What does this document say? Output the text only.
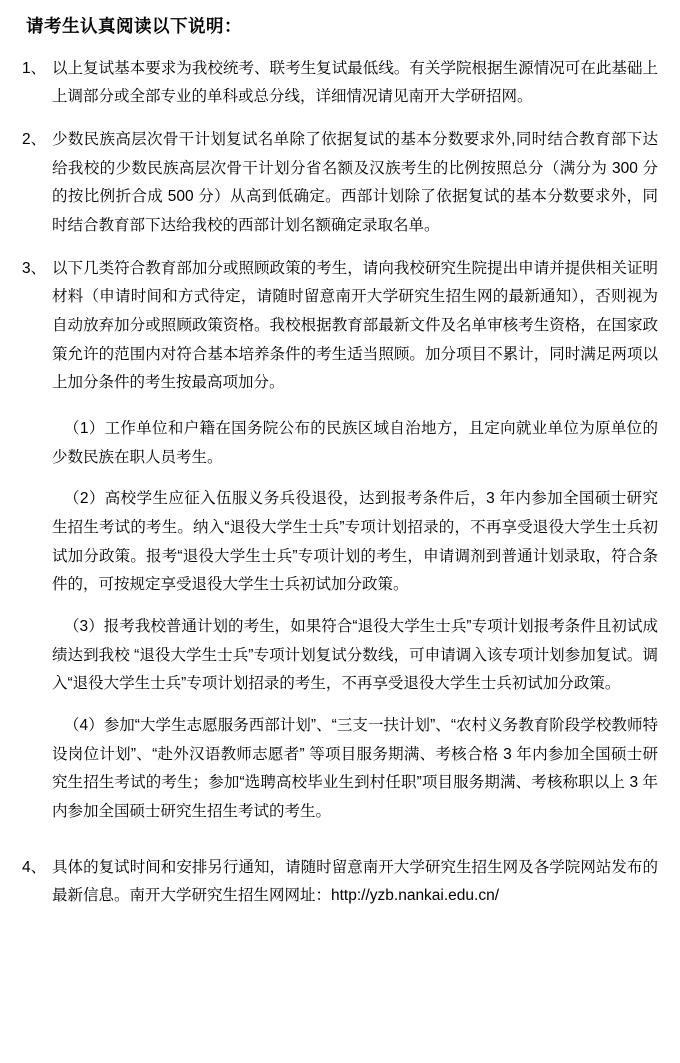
请考生认真阅读以下说明：
1、 以上复试基本要求为我校统考、联考生复试最低线。有关学院根据生源情况可在此基础上上调部分或全部专业的单科或总分线，详细情况请见南开大学研招网。

2、 少数民族高层次骨干计划复试名单除了依据复试的基本分数要求外,同时结合教育部下达给我校的少数民族高层次骨干计划分省名额及汉族考生的比例按照总分（满分为 300 分的按比例折合成 500 分）从高到低确定。西部计划除了依据复试的基本分数要求外，同时结合教育部下达给我校的西部计划名额确定录取名单。

3、 以下几类符合教育部加分或照顾政策的考生，请向我校研究生院提出申请并提供相关证明材料（申请时间和方式待定，请随时留意南开大学研究生招生网的最新通知），否则视为自动放弃加分或照顾政策资格。我校根据教育部最新文件及名单审核考生资格，在国家政策允许的范围内对符合基本培养条件的考生适当照顾。加分项目不累计，同时满足两项以上加分条件的考生按最高项加分。

（1）工作单位和户籍在国务院公布的民族区域自治地方，且定向就业单位为原单位的少数民族在职人员考生。

（2）高校学生应征入伍服义务兵役退役，达到报考条件后，3 年内参加全国硕士研究生招生考试的考生。纳入“退役大学生士兵”专项计划招录的，不再享受退役大学生士兵初试加分政策。报考“退役大学生士兵”专项计划的考生，申请调剂到普通计划录取，符合条件的，可按规定享受退役大学生士兵初试加分政策。

（3）报考我校普通计划的考生，如果符合“退役大学生士兵”专项计划报考条件且初试成绩达到我校 “退役大学生士兵”专项计划复试分数线，可申请调入该专项计划参加复试。调入“退役大学生士兵”专项计划招录的考生，不再享受退役大学生士兵初试加分政策。

（4）参加“大学生志愿服务西部计划”、“三支一扶计划”、“农村义务教育阶段学校教师特设岗位计划”、“赴外汉语教师志愿者” 等项目服务期满、考核合格 3 年内参加全国硕士研究生招生考试的考生；参加“选聘高校毕业生到村任职”项目服务期满、考核称职以上 3 年内参加全国硕士研究生招生考试的考生。

4、 具体的复试时间和安排另行通知，请随时留意南开大学研究生招生网及各学院网站发布的最新信息。南开大学研究生招生网网址：http://yzb.nankai.edu.cn/
